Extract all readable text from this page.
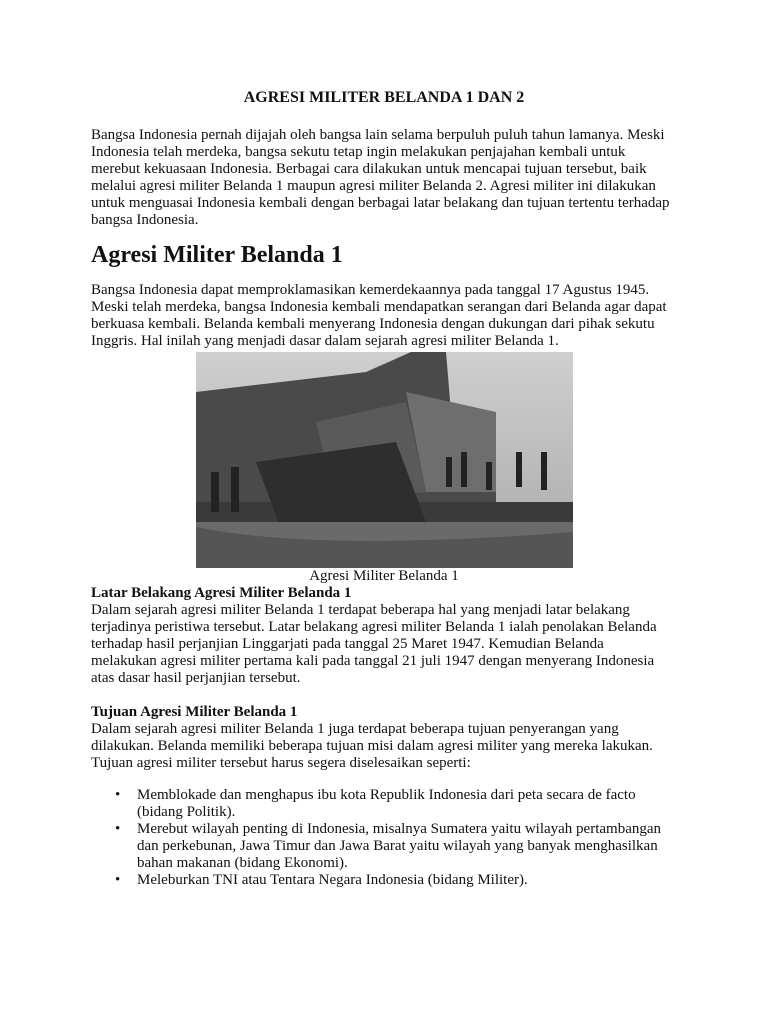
AGRESI MILITER BELANDA 1 DAN 2
Bangsa Indonesia pernah dijajah oleh bangsa lain selama berpuluh puluh tahun lamanya. Meski
Indonesia telah merdeka, bangsa sekutu tetap ingin melakukan penjajahan kembali untuk
merebut kekuasaan Indonesia. Berbagai cara dilakukan untuk mencapai tujuan tersebut, baik
melalui agresi militer Belanda 1 maupun agresi militer Belanda 2. Agresi militer ini dilakukan
untuk menguasai Indonesia kembali dengan berbagai latar belakang dan tujuan tertentu terhadap
bangsa Indonesia.
Agresi Militer Belanda 1
Bangsa Indonesia dapat memproklamasikan kemerdekaannya pada tanggal 17 Agustus 1945.
Meski telah merdeka, bangsa Indonesia kembali mendapatkan serangan dari Belanda agar dapat
berkuasa kembali. Belanda kembali menyerang Indonesia dengan dukungan dari pihak sekutu
Inggris. Hal inilah yang menjadi dasar dalam sejarah agresi militer Belanda 1.
Agresi Militer Belanda 1
Latar Belakang Agresi Militer Belanda 1
Dalam sejarah agresi militer Belanda 1 terdapat beberapa hal yang menjadi latar belakang
terjadinya peristiwa tersebut. Latar belakang agresi militer Belanda 1 ialah penolakan Belanda
terhadap hasil perjanjian Linggarjati pada tanggal 25 Maret 1947. Kemudian Belanda
melakukan agresi militer pertama kali pada tanggal 21 juli 1947 dengan menyerang Indonesia
atas dasar hasil perjanjian tersebut.
Tujuan Agresi Militer Belanda 1
Dalam sejarah agresi militer Belanda 1 juga terdapat beberapa tujuan penyerangan yang
dilakukan. Belanda memiliki beberapa tujuan misi dalam agresi militer yang mereka lakukan.
Tujuan agresi militer tersebut harus segera diselesaikan seperti:
• Memblokade dan menghapus ibu kota Republik Indonesia dari peta secara de facto
(bidang Politik).
• Merebut wilayah penting di Indonesia, misalnya Sumatera yaitu wilayah pertambangan
dan perkebunan, Jawa Timur dan Jawa Barat yaitu wilayah yang banyak menghasilkan
bahan makanan (bidang Ekonomi).
• Meleburkan TNI atau Tentara Negara Indonesia (bidang Militer).
